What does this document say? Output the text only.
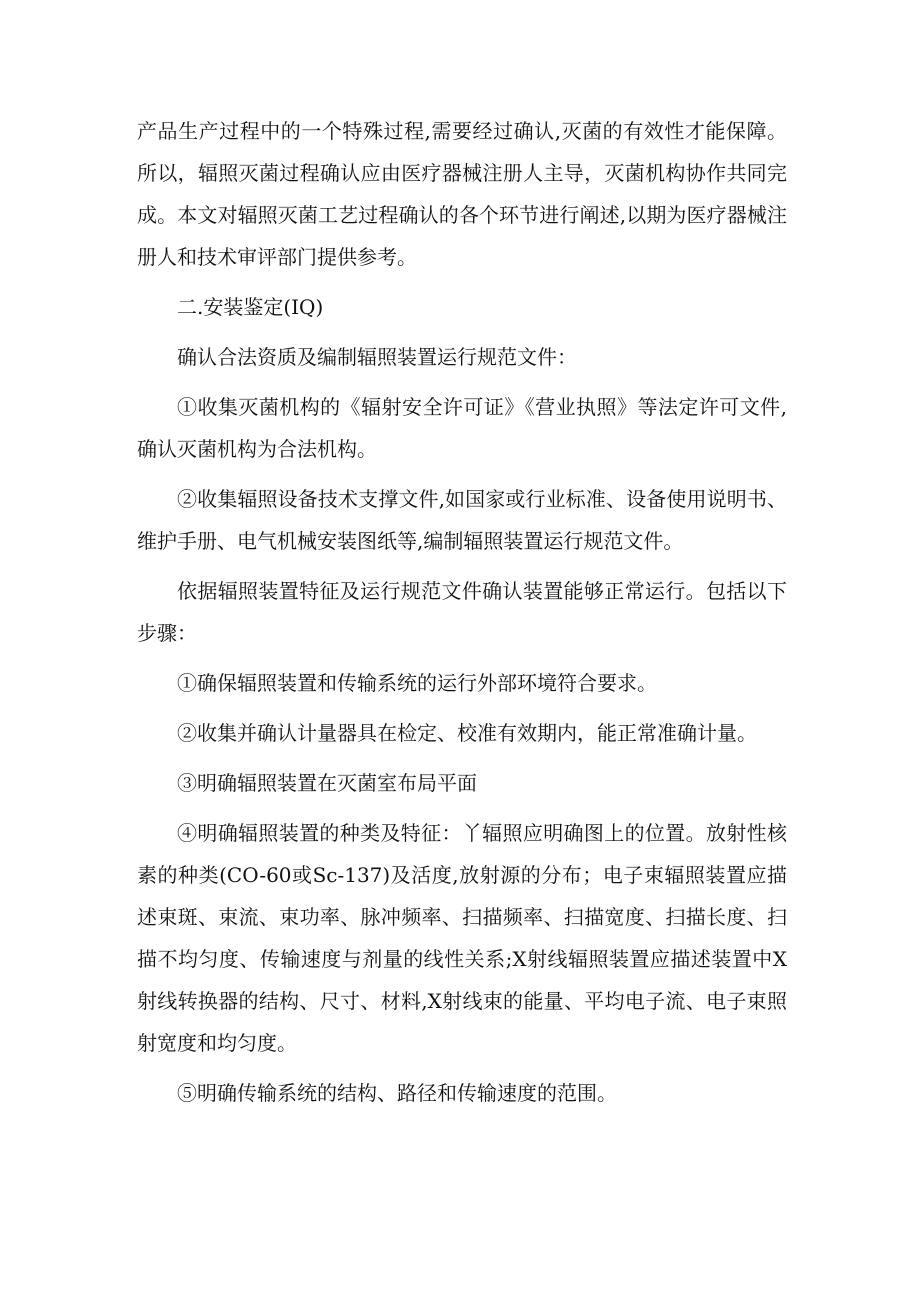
产品生产过程中的一个特殊过程,需要经过确认,灭菌的有效性才能保障。所以，辐照灭菌过程确认应由医疗器械注册人主导，灭菌机构协作共同完成。本文对辐照灭菌工艺过程确认的各个环节进行阐述,以期为医疗器械注册人和技术审评部门提供参考。

二.安装鉴定(IQ)

确认合法资质及编制辐照装置运行规范文件：

①收集灭菌机构的《辐射安全许可证》《营业执照》等法定许可文件,确认灭菌机构为合法机构。

②收集辐照设备技术支撑文件,如国家或行业标准、设备使用说明书、维护手册、电气机械安装图纸等,编制辐照装置运行规范文件。

依据辐照装置特征及运行规范文件确认装置能够正常运行。包括以下步骤：

①确保辐照装置和传输系统的运行外部环境符合要求。

②收集并确认计量器具在检定、校准有效期内，能正常准确计量。

③明确辐照装置在灭菌室布局平面

④明确辐照装置的种类及特征：丫辐照应明确图上的位置。放射性核素的种类(CO-60或Sc-137)及活度,放射源的分布；电子束辐照装置应描述束斑、束流、束功率、脉冲频率、扫描频率、扫描宽度、扫描长度、扫描不均匀度、传输速度与剂量的线性关系;X射线辐照装置应描述装置中X射线转换器的结构、尺寸、材料,X射线束的能量、平均电子流、电子束照射宽度和均匀度。

⑤明确传输系统的结构、路径和传输速度的范围。
